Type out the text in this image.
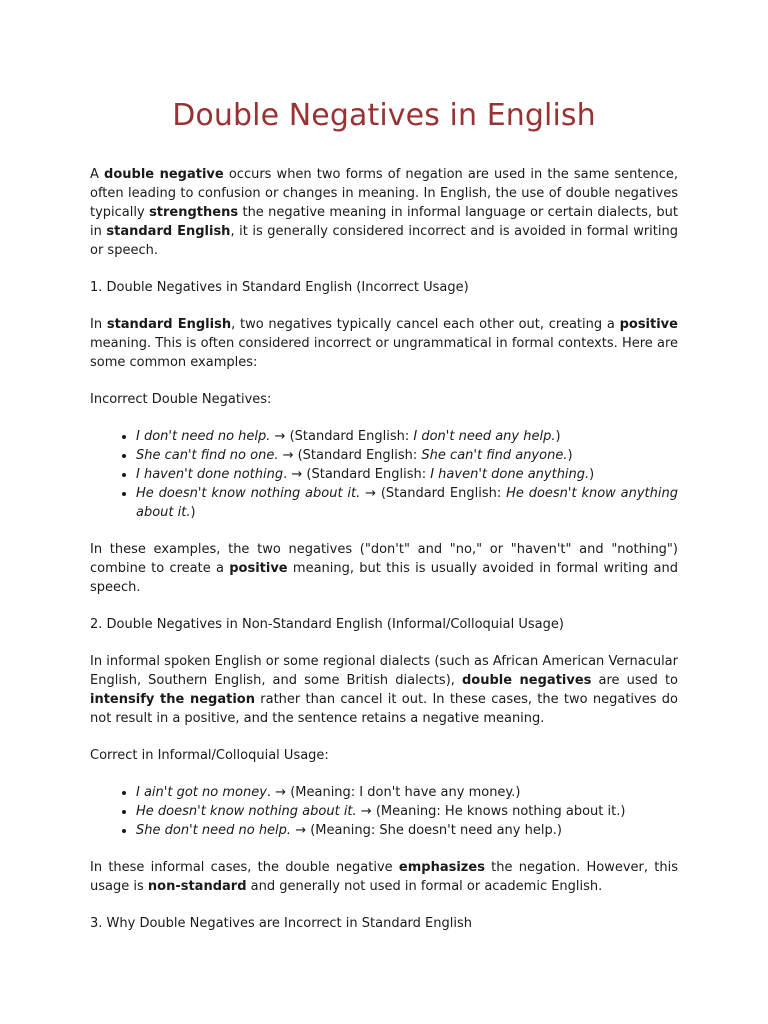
Double Negatives in English

A double negative occurs when two forms of negation are used in the same sentence, often leading to confusion or changes in meaning. In English, the use of double negatives typically strengthens the negative meaning in informal language or certain dialects, but in standard English, it is generally considered incorrect and is avoided in formal writing or speech.

1. Double Negatives in Standard English (Incorrect Usage)

In standard English, two negatives typically cancel each other out, creating a positive meaning. This is often considered incorrect or ungrammatical in formal contexts. Here are some common examples:

Incorrect Double Negatives:

• I don't need no help. → (Standard English: I don't need any help.)
• She can't find no one. → (Standard English: She can't find anyone.)
• I haven't done nothing. → (Standard English: I haven't done anything.)
• He doesn't know nothing about it. → (Standard English: He doesn't know anything about it.)

In these examples, the two negatives ("don't" and "no," or "haven't" and "nothing") combine to create a positive meaning, but this is usually avoided in formal writing and speech.

2. Double Negatives in Non-Standard English (Informal/Colloquial Usage)

In informal spoken English or some regional dialects (such as African American Vernacular English, Southern English, and some British dialects), double negatives are used to intensify the negation rather than cancel it out. In these cases, the two negatives do not result in a positive, and the sentence retains a negative meaning.

Correct in Informal/Colloquial Usage:

• I ain't got no money. → (Meaning: I don't have any money.)
• He doesn't know nothing about it. → (Meaning: He knows nothing about it.)
• She don't need no help. → (Meaning: She doesn't need any help.)

In these informal cases, the double negative emphasizes the negation. However, this usage is non-standard and generally not used in formal or academic English.

3. Why Double Negatives are Incorrect in Standard English
